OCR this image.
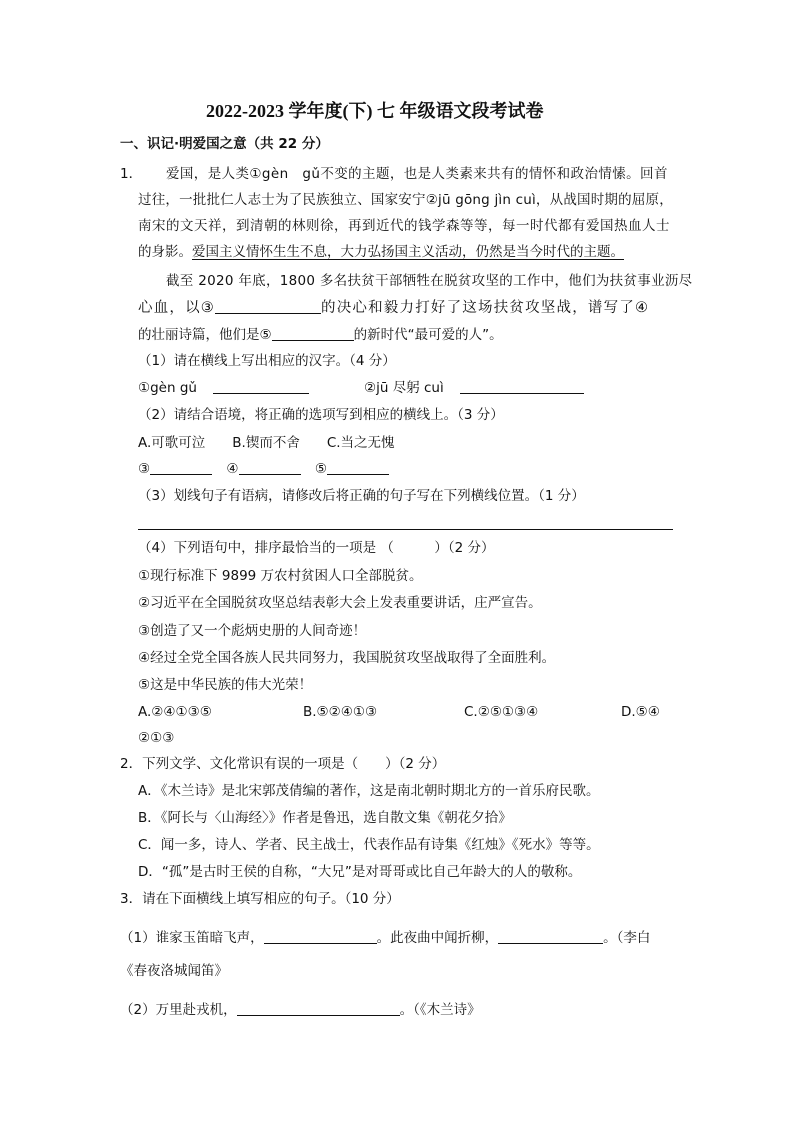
2022-2023 学年度(下) 七 年级语文段考试卷
一、识记·明爱国之意（共 22 分）
1． 爱国，是人类①gèn　gǔ不变的主题，也是人类素来共有的情怀和政治情愫。回首
过往，一批批仁人志士为了民族独立、国家安宁②jū gōng jìn cuì，从战国时期的屈原，
南宋的文天祥，到清朝的林则徐，再到近代的钱学森等等，每一时代都有爱国热血人士
的身影。爱国主义情怀生生不息，大力弘扬国主义活动，仍然是当今时代的主题。
截至 2020 年底，1800 多名扶贫干部牺牲在脱贫攻坚的工作中，他们为扶贫事业沥尽
心血，以③	的决心和毅力打好了这场扶贫攻坚战，谱写了④
的壮丽诗篇，他们是⑤	的新时代“最可爱的人”。
（1）请在横线上写出相应的汉字。（4 分）
①gèn gǔ	②jū 尽躬 cuì
（2）请结合语境，将正确的选项写到相应的横线上。（3 分）
A.可歌可泣　　B.锲而不舍　　C.当之无愧
③	④	⑤
（3）划线句子有语病，请修改后将正确的句子写在下列横线位置。（1 分）
（4）下列语句中，排序最恰当的一项是 （　　　）（2 分）
①现行标准下 9899 万农村贫困人口全部脱贫。
②习近平在全国脱贫攻坚总结表彰大会上发表重要讲话，庄严宣告。
③创造了又一个彪炳史册的人间奇迹！
④经过全党全国各族人民共同努力，我国脱贫攻坚战取得了全面胜利。
⑤这是中华民族的伟大光荣！
A.②④①③⑤	B.⑤②④①③	C.②⑤①③④	D.⑤④
②①③
2．下列文学、文化常识有误的一项是（　　）（2 分）
A．《木兰诗》是北宋郭茂倩编的著作，这是南北朝时期北方的一首乐府民歌。
B．《阿长与〈山海经〉》作者是鲁迅，选自散文集《朝花夕拾》
C．闻一多，诗人、学者、民主战士，代表作品有诗集《红烛》《死水》等等。
D．“孤”是古时王侯的自称，“大兄”是对哥哥或比自己年龄大的人的敬称。
3．请在下面横线上填写相应的句子。（10 分）
（1）谁家玉笛暗飞声，	。此夜曲中闻折柳，	。（李白
《春夜洛城闻笛》
（2）万里赴戎机，	。（《木兰诗》
